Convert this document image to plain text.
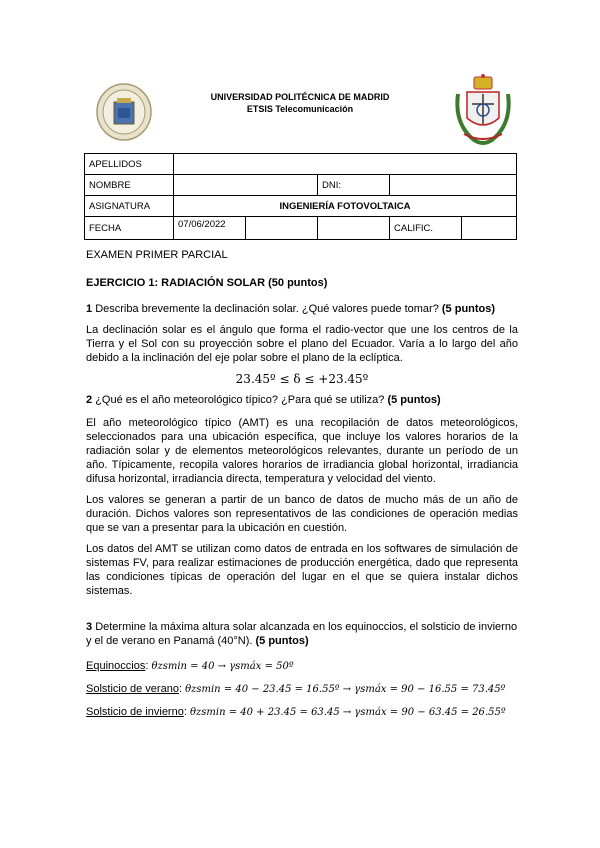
UNIVERSIDAD POLITÉCNICA DE MADRID
ETSIS Telecomunicación
APELLIDOS					
NOMBRE			DNI:		
ASIGNATURA	INGENIERÍA FOTOVOLTAICA				
FECHA	07/06/2022			CALIFIC.	

EXAMEN PRIMER PARCIAL

EJERCICIO 1: RADIACIÓN SOLAR (50 puntos)

1 Describa brevemente la declinación solar. ¿Qué valores puede tomar? (5 puntos)

La declinación solar es el ángulo que forma el radio-vector que une los centros de la Tierra y el Sol con su proyección sobre el plano del Ecuador. Varía a lo largo del año debido a la inclinación del eje polar sobre el plano de la eclíptica.

23.45º ≤ δ ≤ +23.45º

2 ¿Qué es el año meteorológico típico? ¿Para qué se utiliza? (5 puntos)

El año meteorológico típico (AMT) es una recopilación de datos meteorológicos, seleccionados para una ubicación específica, que incluye los valores horarios de la radiación solar y de elementos meteorológicos relevantes, durante un período de un año. Típicamente, recopila valores horarios de irradiancia global horizontal, irradiancia difusa horizontal, irradiancia directa, temperatura y velocidad del viento.

Los valores se generan a partir de un banco de datos de mucho más de un año de duración. Dichos valores son representativos de las condiciones de operación medias que se van a presentar para la ubicación en cuestión.

Los datos del AMT se utilizan como datos de entrada en los softwares de simulación de sistemas FV, para realizar estimaciones de producción energética, dado que representa las condiciones típicas de operación del lugar en el que se quiera instalar dichos sistemas.

3 Determine la máxima altura solar alcanzada en los equinoccios, el solsticio de invierno y el de verano en Panamá (40°N). (5 puntos)

Equinoccios: θzsmin = 40 → γsmáx = 50º
Solsticio de verano: θzsmin = 40 − 23.45 = 16.55º → γsmáx = 90 − 16.55 = 73.45º
Solsticio de invierno: θzsmin = 40 + 23.45 = 63.45 → γsmáx = 90 − 63.45 = 26.55º
